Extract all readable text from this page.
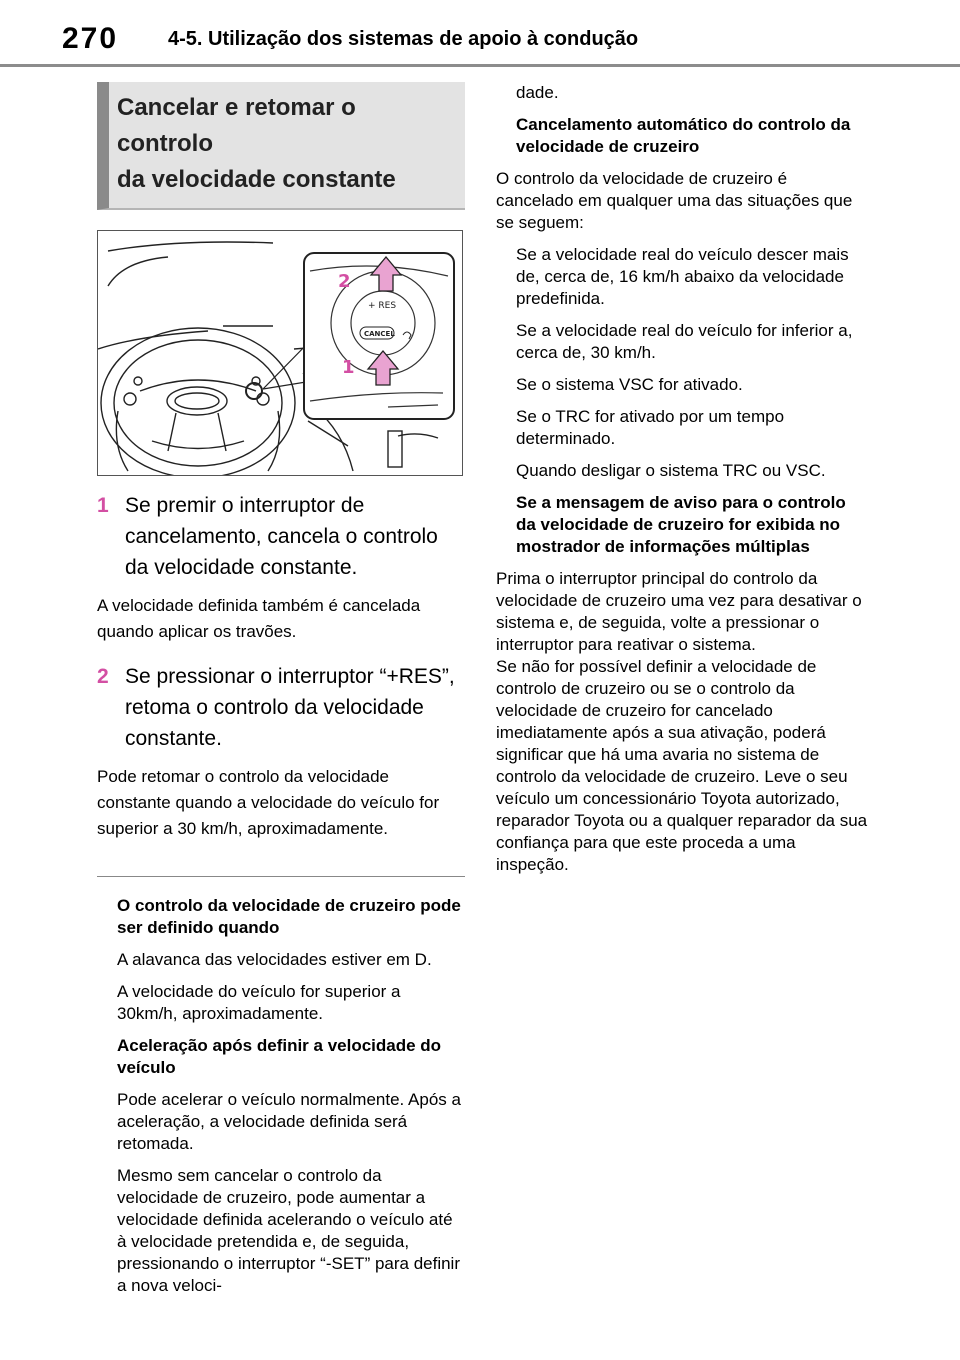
270 4-5. Utilização dos sistemas de apoio à condução
Cancelar e retomar o controlo
da velocidade constante
+ RES
CANCEL
2
1
1 Se premir o interruptor de cancelamento, cancela o controlo da velocidade constante.
A velocidade definida também é cancelada quando aplicar os travões.
2 Se pressionar o interruptor “+RES”, retoma o controlo da velocidade constante.
Pode retomar o controlo da velocidade constante quando a velocidade do veículo for superior a 30 km/h, aproximadamente.
O controlo da velocidade de cruzeiro pode ser definido quando
A alavanca das velocidades estiver em D.
A velocidade do veículo for superior a 30km/h, aproximadamente.
Aceleração após definir a velocidade do veículo
Pode acelerar o veículo normalmente. Após a aceleração, a velocidade definida será retomada.
Mesmo sem cancelar o controlo da velocidade de cruzeiro, pode aumentar a velocidade definida acelerando o veículo até à velocidade pretendida e, de seguida, pressionando o interruptor “-SET” para definir a nova veloci-
dade.
Cancelamento automático do controlo da velocidade de cruzeiro
O controlo da velocidade de cruzeiro é cancelado em qualquer uma das situações que se seguem:
Se a velocidade real do veículo descer mais de, cerca de, 16 km/h abaixo da velocidade predefinida.
Se a velocidade real do veículo for inferior a, cerca de, 30 km/h.
Se o sistema VSC for ativado.
Se o TRC for ativado por um tempo determinado.
Quando desligar o sistema TRC ou VSC.
Se a mensagem de aviso para o controlo da velocidade de cruzeiro for exibida no mostrador de informações múltiplas
Prima o interruptor principal do controlo da velocidade de cruzeiro uma vez para desativar o sistema e, de seguida, volte a pressionar o interruptor para reativar o sistema.
Se não for possível definir a velocidade de controlo de cruzeiro ou se o controlo da velocidade de cruzeiro for cancelado imediatamente após a sua ativação, poderá significar que há uma avaria no sistema de controlo da velocidade de cruzeiro. Leve o seu veículo um concessionário Toyota autorizado, reparador Toyota ou a qualquer reparador da sua confiança para que este proceda a uma inspeção.
